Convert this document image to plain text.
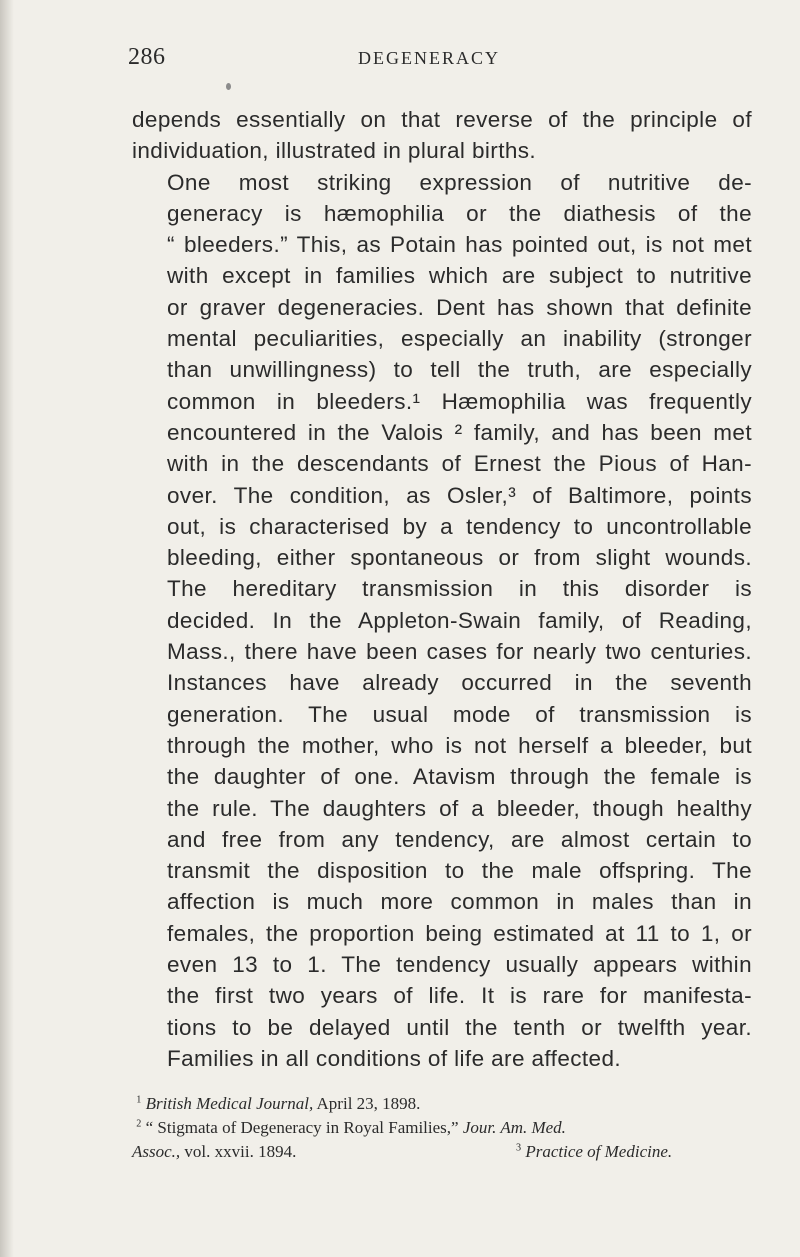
286	DEGENERACY

depends essentially on that reverse of the principle of
individuation, illustrated in plural births.

One most striking expression of nutritive de-
generacy is hæmophilia or the diathesis of the
“ bleeders.” This, as Potain has pointed out, is not met
with except in families which are subject to nutritive
or graver degeneracies. Dent has shown that definite
mental peculiarities, especially an inability (stronger
than unwillingness) to tell the truth, are especially
common in bleeders.¹ Hæmophilia was frequently
encountered in the Valois ² family, and has been met
with in the descendants of Ernest the Pious of Han-
over. The condition, as Osler,³ of Baltimore, points
out, is characterised by a tendency to uncontrollable
bleeding, either spontaneous or from slight wounds.
The hereditary transmission in this disorder is
decided. In the Appleton-Swain family, of Reading,
Mass., there have been cases for nearly two centuries.
Instances have already occurred in the seventh
generation. The usual mode of transmission is
through the mother, who is not herself a bleeder, but
the daughter of one. Atavism through the female is
the rule. The daughters of a bleeder, though healthy
and free from any tendency, are almost certain to
transmit the disposition to the male offspring. The
affection is much more common in males than in
females, the proportion being estimated at 11 to 1, or
even 13 to 1. The tendency usually appears within
the first two years of life. It is rare for manifesta-
tions to be delayed until the tenth or twelfth year.
Families in all conditions of life are affected.

$^1$ British Medical Journal, April 23, 1898.
$^2$ “ Stigmata of Degeneracy in Royal Families,” Jour. Am. Med.
Assoc., vol. xxvii. 1894.	$^3$ Practice of Medicine.
